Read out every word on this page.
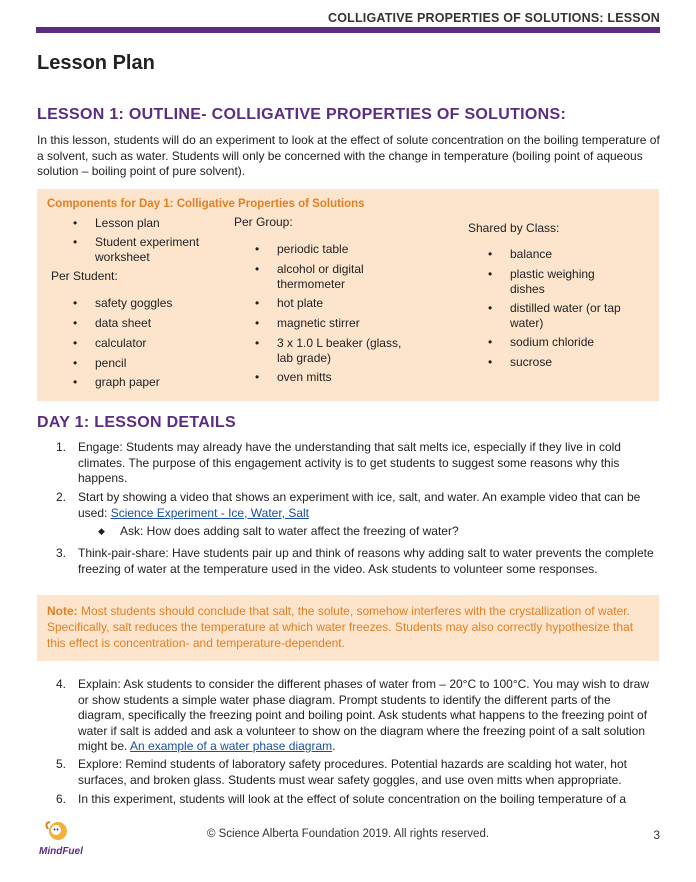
COLLIGATIVE PROPERTIES OF SOLUTIONS: LESSON
Lesson Plan
LESSON 1: OUTLINE- COLLIGATIVE PROPERTIES OF SOLUTIONS:
In this lesson, students will do an experiment to look at the effect of solute concentration on the boiling temperature of a solvent, such as water. Students will only be concerned with the change in temperature (boiling point of aqueous solution – boiling point of pure solvent).
Components for Day 1: Colligative Properties of Solutions
•	Lesson plan
•	Student experiment worksheet
Per Student:
•	safety goggles
•	data sheet
•	calculator
•	pencil
•	graph paper
Per Group:
•	periodic table
•	alcohol or digital thermometer
•	hot plate
•	magnetic stirrer
•	3 x 1.0 L beaker (glass, lab grade)
•	oven mitts
Shared by Class:
•	balance
•	plastic weighing dishes
•	distilled water (or tap water)
•	sodium chloride
•	sucrose
DAY 1: LESSON DETAILS
1. Engage: Students may already have the understanding that salt melts ice, especially if they live in cold climates. The purpose of this engagement activity is to get students to suggest some reasons why this happens.
2. Start by showing a video that shows an experiment with ice, salt, and water. An example video that can be used: Science Experiment - Ice, Water, Salt
◆	Ask: How does adding salt to water affect the freezing of water?
3. Think-pair-share: Have students pair up and think of reasons why adding salt to water prevents the complete freezing of water at the temperature used in the video. Ask students to volunteer some responses.
Note: Most students should conclude that salt, the solute, somehow interferes with the crystallization of water. Specifically, salt reduces the temperature at which water freezes. Students may also correctly hypothesize that this effect is concentration- and temperature-dependent.
4. Explain: Ask students to consider the different phases of water from – 20°C to 100°C. You may wish to draw or show students a simple water phase diagram. Prompt students to identify the different parts of the diagram, specifically the freezing point and boiling point. Ask students what happens to the freezing point of water if salt is added and ask a volunteer to show on the diagram where the freezing point of a salt solution might be. An example of a water phase diagram.
5. Explore: Remind students of laboratory safety procedures. Potential hazards are scalding hot water, hot surfaces, and broken glass. Students must wear safety goggles, and use oven mitts when appropriate.
6. In this experiment, students will look at the effect of solute concentration on the boiling temperature of a
MindFuel
© Science Alberta Foundation 2019. All rights reserved.	3
